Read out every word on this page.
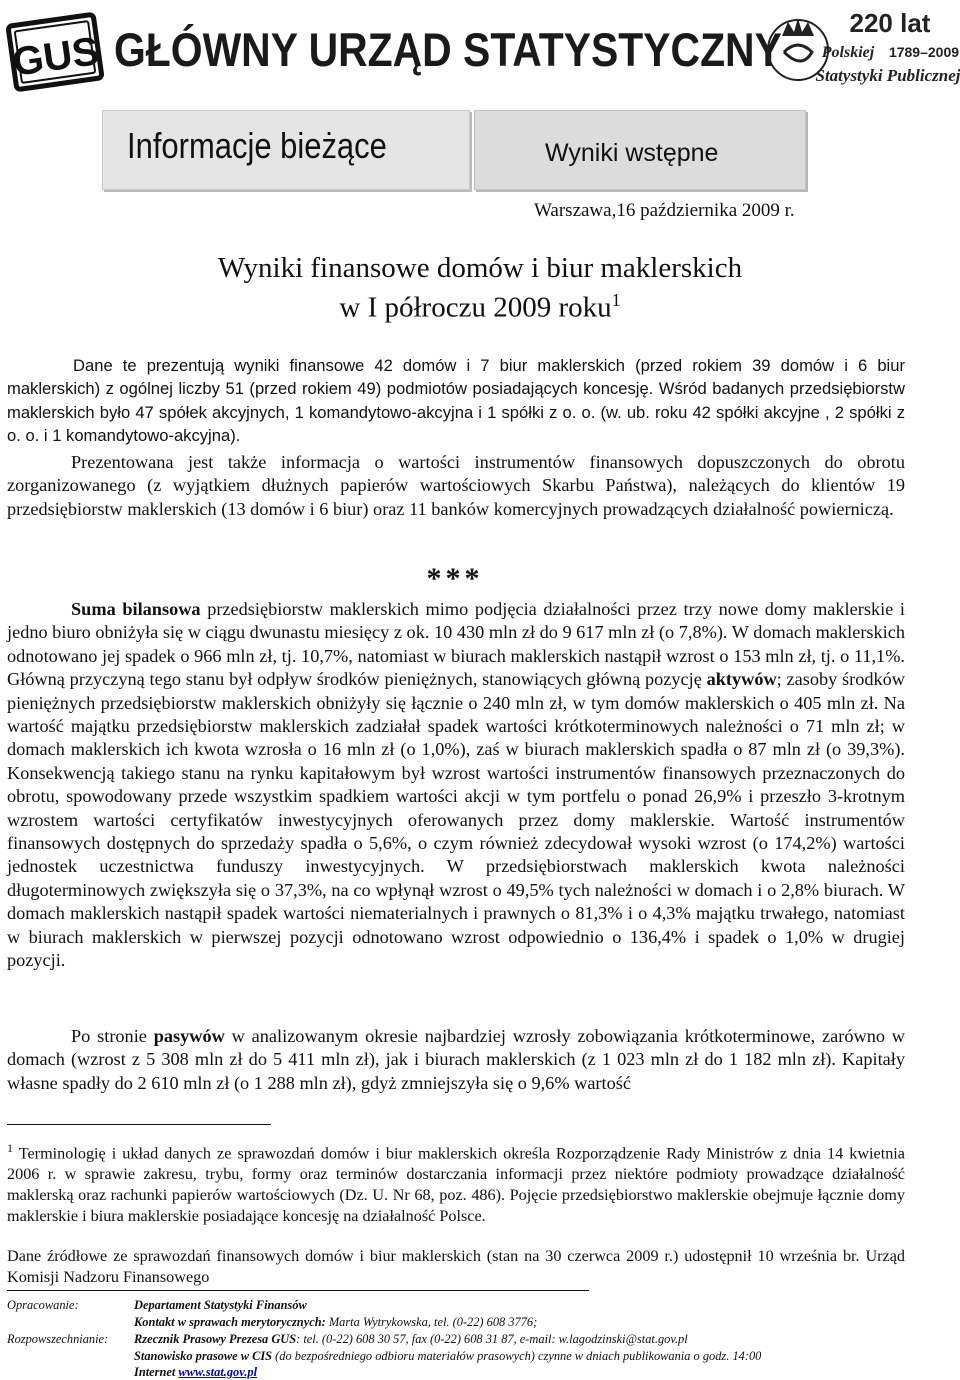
GUS GŁÓWNY URZĄD STATYSTYCZNY	220 lat
Polskiej 1789–2009
Statystyki Publicznej
Informacje bieżące	Wyniki wstępne
Warszawa,16 października 2009 r.
Wyniki finansowe domów i biur maklerskich
w I półroczu 2009 roku$^1$
Dane te prezentują wyniki finansowe 42 domów i 7 biur maklerskich (przed rokiem 39 domów i 6 biur maklerskich) z ogólnej liczby 51 (przed rokiem 49) podmiotów posiadających koncesję. Wśród badanych przedsiębiorstw maklerskich było 47 spółek akcyjnych, 1 komandytowo-akcyjna i 1 spółki z o. o. (w. ub. roku 42 spółki akcyjne , 2 spółki z o. o. i 1 komandytowo-akcyjna).
Prezentowana jest także informacja o wartości instrumentów finansowych dopuszczonych do obrotu zorganizowanego (z wyjątkiem dłużnych papierów wartościowych Skarbu Państwa), należących do klientów 19 przedsiębiorstw maklerskich (13 domów i 6 biur) oraz 11 banków komercyjnych prowadzących działalność powierniczą.
***
Suma bilansowa przedsiębiorstw maklerskich mimo podjęcia działalności przez trzy nowe domy maklerskie i jedno biuro obniżyła się w ciągu dwunastu miesięcy z ok. 10 430 mln zł do 9 617 mln zł (o 7,8%). W domach maklerskich odnotowano jej spadek o 966 mln zł, tj. 10,7%, natomiast w biurach maklerskich nastąpił wzrost o 153 mln zł, tj. o 11,1%. Główną przyczyną tego stanu był odpływ środków pieniężnych, stanowiących główną pozycję aktywów; zasoby środków pieniężnych przedsiębiorstw maklerskich obniżyły się łącznie o 240 mln zł, w tym domów maklerskich o 405 mln zł. Na wartość majątku przedsiębiorstw maklerskich zadziałał spadek wartości krótkoterminowych należności o 71 mln zł; w domach maklerskich ich kwota wzrosła o 16 mln zł (o 1,0%), zaś w biurach maklerskich spadła o 87 mln zł (o 39,3%). Konsekwencją takiego stanu na rynku kapitałowym był wzrost wartości instrumentów finansowych przeznaczonych do obrotu, spowodowany przede wszystkim spadkiem wartości akcji w tym portfelu o ponad 26,9% i przeszło 3-krotnym wzrostem wartości certyfikatów inwestycyjnych oferowanych przez domy maklerskie. Wartość instrumentów finansowych dostępnych do sprzedaży spadła o 5,6%, o czym również zdecydował wysoki wzrost (o 174,2%) wartości jednostek uczestnictwa funduszy inwestycyjnych. W przedsiębiorstwach maklerskich kwota należności długoterminowych zwiększyła się o 37,3%, na co wpłynął wzrost o 49,5% tych należności w domach i o 2,8% biurach. W domach maklerskich nastąpił spadek wartości niematerialnych i prawnych o 81,3% i o 4,3% majątku trwałego, natomiast w biurach maklerskich w pierwszej pozycji odnotowano wzrost odpowiednio o 136,4% i spadek o 1,0% w drugiej pozycji.
Po stronie pasywów w analizowanym okresie najbardziej wzrosły zobowiązania krótkoterminowe, zarówno w domach (wzrost z 5 308 mln zł do 5 411 mln zł), jak i biurach maklerskich (z 1 023 mln zł do 1 182 mln zł). Kapitały własne spadły do 2 610 mln zł (o 1 288 mln zł), gdyż zmniejszyła się o 9,6% wartość
$^1$ Terminologię i układ danych ze sprawozdań domów i biur maklerskich określa Rozporządzenie Rady Ministrów z dnia 14 kwietnia 2006 r. w sprawie zakresu, trybu, formy oraz terminów dostarczania informacji przez niektóre podmioty prowadzące działalność maklerską oraz rachunki papierów wartościowych (Dz. U. Nr 68, poz. 486). Pojęcie przedsiębiorstwo maklerskie obejmuje łącznie domy maklerskie i biura maklerskie posiadające koncesję na działalność Polsce.
Dane źródłowe ze sprawozdań finansowych domów i biur maklerskich (stan na 30 czerwca 2009 r.) udostępnił 10 września br. Urząd Komisji Nadzoru Finansowego
Opracowanie:	Departament Statystyki Finansów
Kontakt w sprawach merytorycznych: Marta Wytrykowska, tel. (0-22) 608 3776;
Rozpowszechnianie: Rzecznik Prasowy Prezesa GUS: tel. (0-22) 608 30 57, fax (0-22) 608 31 87, e-mail: w.lagodzinski@stat.gov.pl
Stanowisko prasowe w CIS (do bezpośredniego odbioru materiałów prasowych) czynne w dniach publikowania o godz. 14:00
Internet www.stat.gov.pl
